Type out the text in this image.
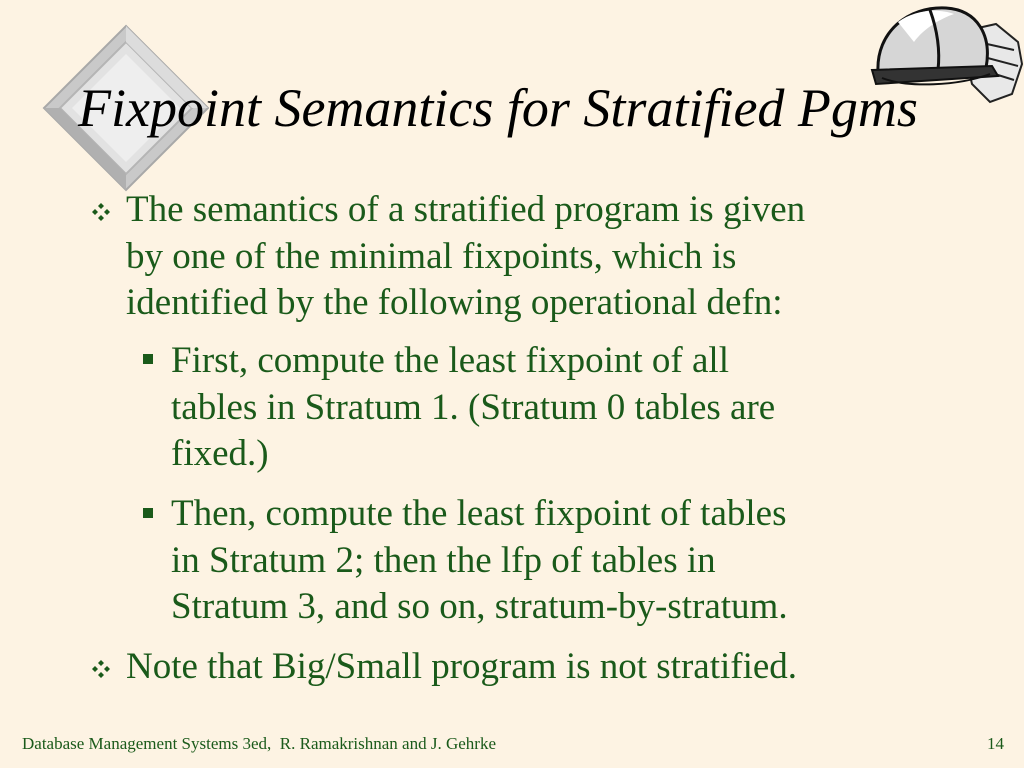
Fixpoint Semantics for Stratified Pgms
The semantics of a stratified program is given
by one of the minimal fixpoints, which is
identified by the following operational defn:
First, compute the least fixpoint of all
tables in Stratum 1. (Stratum 0 tables are
fixed.)
Then, compute the least fixpoint of tables
in Stratum 2; then the lfp of tables in
Stratum 3, and so on, stratum-by-stratum.
Note that Big/Small program is not stratified.
Database Management Systems 3ed,  R. Ramakrishnan and J. Gehrke	14
